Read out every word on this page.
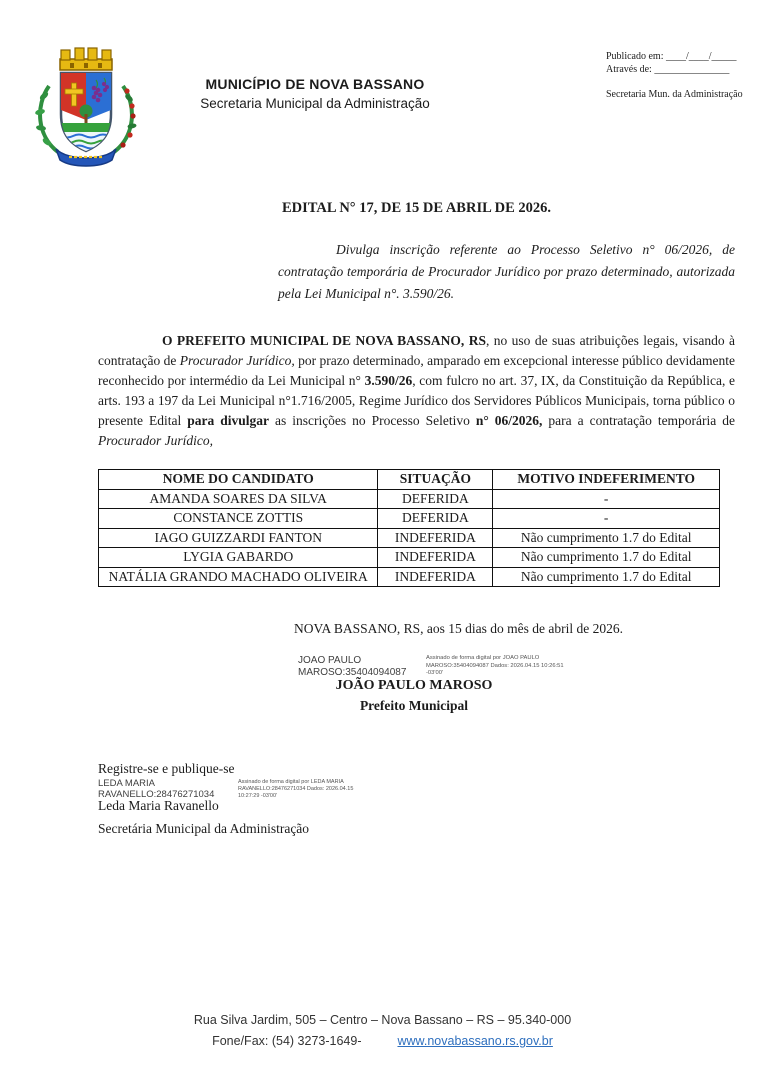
MUNICÍPIO DE NOVA BASSANO
Secretaria Municipal da Administração
Publicado em: ____/____/_____
Através de: _______________
Secretaria Mun. da Administração
EDITAL N° 17, DE 15 DE ABRIL DE 2026.

Divulga inscrição referente ao Processo Seletivo n° 06/2026, de contratação temporária de Procurador Jurídico por prazo determinado, autorizada pela Lei Municipal n°. 3.590/26.

O PREFEITO MUNICIPAL DE NOVA BASSANO, RS, no uso de suas atribuições legais, visando à contratação de Procurador Jurídico, por prazo determinado, amparado em excepcional interesse público devidamente reconhecido por intermédio da Lei Municipal n° 3.590/26, com fulcro no art. 37, IX, da Constituição da República, e arts. 193 a 197 da Lei Municipal n°1.716/2005, Regime Jurídico dos Servidores Públicos Municipais, torna público o presente Edital para divulgar as inscrições no Processo Seletivo n° 06/2026, para a contratação temporária de Procurador Jurídico,

NOME DO CANDIDATO	SITUAÇÃO	MOTIVO INDEFERIMENTO
AMANDA SOARES DA SILVA	DEFERIDA	-
CONSTANCE ZOTTIS	DEFERIDA	-
IAGO GUIZZARDI FANTON	INDEFERIDA	Não cumprimento 1.7 do Edital
LYGIA GABARDO	INDEFERIDA	Não cumprimento 1.7 do Edital
NATÁLIA GRANDO MACHADO OLIVEIRA	INDEFERIDA	Não cumprimento 1.7 do Edital
NOVA BASSANO, RS, aos 15 dias do mês de abril de 2026.
JOAO PAULO MAROSO:35404094087
Assinado de forma digital por JOAO PAULO MAROSO:35404094087 Dados: 2026.04.15 10:26:51 -03'00'
JOÃO PAULO MAROSO
Prefeito Municipal
Registre-se e publique-se
LEDA MARIA RAVANELLO:28476271034
Assinado de forma digital por LEDA MARIA RAVANELLO:28476271034 Dados: 2026.04.15 10:27:29 -03'00'
Leda Maria Ravanello
Secretária Municipal da Administração
Rua Silva Jardim, 505 – Centro – Nova Bassano – RS – 95.340-000
Fone/Fax: (54) 3273-1649-	www.novabassano.rs.gov.br
